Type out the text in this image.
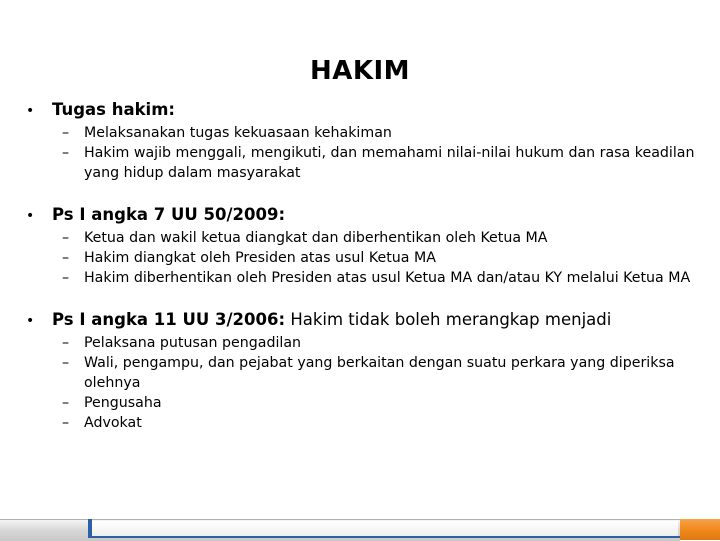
HAKIM
•	Tugas hakim:
–	Melaksanakan tugas kekuasaan kehakiman
–	Hakim wajib menggali, mengikuti, dan memahami nilai-nilai hukum dan rasa keadilan yang hidup dalam masyarakat
•	Ps I angka 7 UU 50/2009:
–	Ketua dan wakil ketua diangkat dan diberhentikan oleh Ketua MA
–	Hakim diangkat oleh Presiden atas usul Ketua MA
–	Hakim diberhentikan oleh Presiden atas usul Ketua MA dan/atau KY melalui Ketua MA
•	Ps I angka 11 UU 3/2006: Hakim tidak boleh merangkap menjadi
–	Pelaksana putusan pengadilan
–	Wali, pengampu, dan pejabat yang berkaitan dengan suatu perkara yang diperiksa olehnya
–	Pengusaha
–	Advokat
